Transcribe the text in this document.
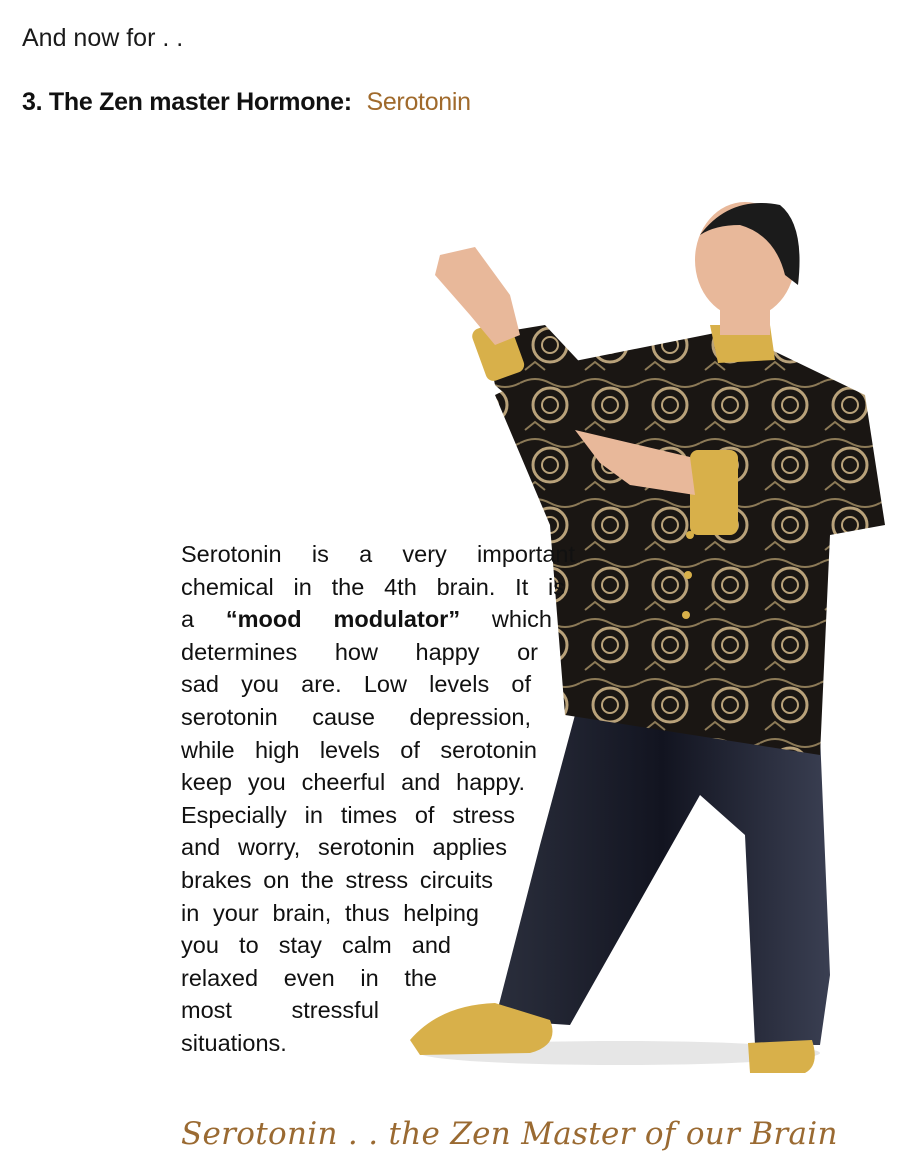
And now for . .
3. The Zen master Hormone: Serotonin
Serotonin is a very important
chemical in the 4th brain. It is
a “mood modulator” which
determines how happy or
sad you are. Low levels of
serotonin cause depression,
while high levels of serotonin
keep you cheerful and happy.
Especially in times of stress
and worry, serotonin applies
brakes on the stress circuits
in your brain, thus helping
you to stay calm and
relaxed even in the
most stressful
situations.
Serotonin . . the Zen Master of our Brain
